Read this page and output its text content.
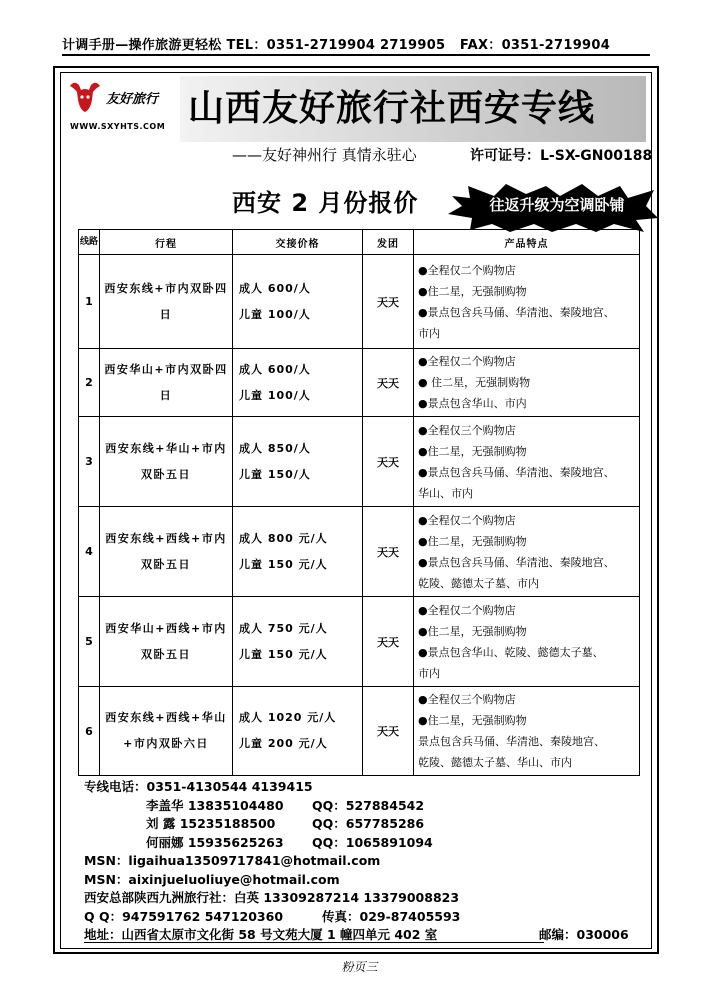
计调手册—操作旅游更轻松 TEL：0351-2719904 2719905 FAX：0351-2719904
友好旅行
WWW.SXYHTS.COM 山西友好旅行社西安专线
——友好神州行 真情永驻心	许可证号：L-SX-GN00188
西安 2 月份报价	往返升级为空调卧铺
线路	行程	交接价格	发团	产品特点
1	西安东线+市内双卧四日	成人 600/人
儿童 100/人	天天	●全程仅二个购物店
●住二星，无强制购物
●景点包含兵马俑、华清池、秦陵地宫、
市内

2	西安华山+市内双卧四日	成人 600/人
儿童 100/人	天天	●全程仅二个购物店
● 住二星，无强制购物
●景点包含华山、市内

3	西安东线+华山+市内双卧五日	成人 850/人
儿童 150/人	天天	●全程仅三个购物店
●住二星，无强制购物
●景点包含兵马俑、华清池、秦陵地宫、
华山、市内

4	西安东线+西线+市内双卧五日	成人 800 元/人
儿童 150 元/人	天天	●全程仅二个购物店
●住二星，无强制购物
●景点包含兵马俑、华清池、秦陵地宫、
乾陵、懿德太子墓、市内

5	西安华山+西线+市内双卧五日	成人 750 元/人
儿童 150 元/人	天天	●全程仅二个购物店
●住二星，无强制购物
●景点包含华山、乾陵、懿德太子墓、
市内

6	西安东线+西线+华山+市内双卧六日	成人 1020 元/人
儿童 200 元/人	天天	●全程仅三个购物店
●住二星，无强制购物
景点包含兵马俑、华清池、秦陵地宫、
乾陵、懿德太子墓、华山、市内
专线电话：0351-4130544 4139415
李盖华 13835104480 QQ：527884542
刘 露 15235188500	QQ：657785286
何丽娜 15935625263 QQ：1065891094
MSN：ligaihua13509717841@hotmail.com
MSN：aixinjueluoliuye@hotmail.com
西安总部陕西九洲旅行社：白英 13309287214 13379008823
Q Q：947591762 547120360	传真：029-87405593
地址：山西省太原市文化街 58 号文苑大厦 1 幢四单元 402 室	邮编：030006
粉页三
